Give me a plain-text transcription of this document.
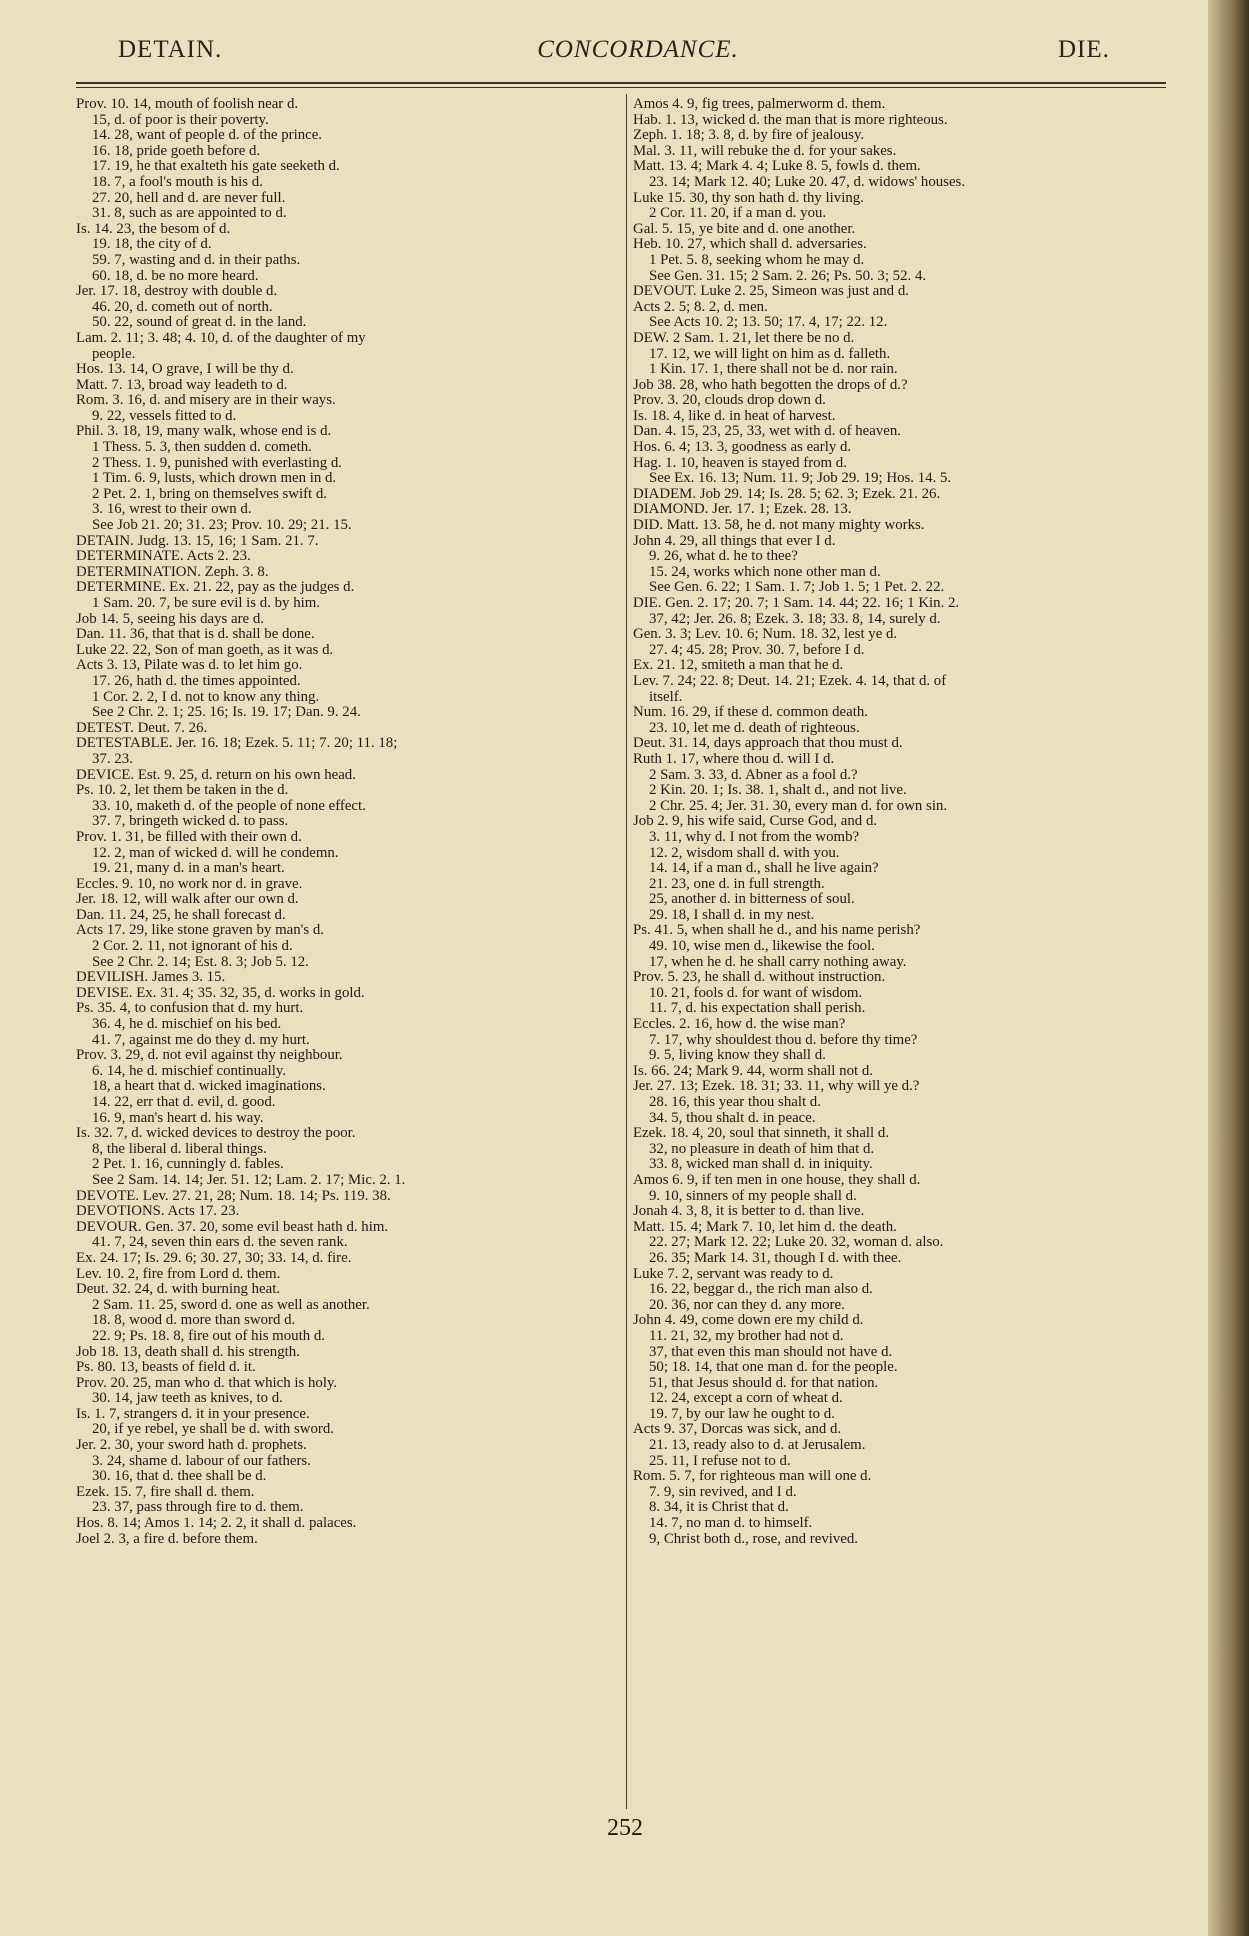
DETAIN.	CONCORDANCE.	DIE.
Prov. 10. 14, mouth of foolish near d.
15, d. of poor is their poverty.
14. 28, want of people d. of the prince.
16. 18, pride goeth before d.
17. 19, he that exalteth his gate seeketh d.
18. 7, a fool's mouth is his d.
27. 20, hell and d. are never full.
31. 8, such as are appointed to d.
Is. 14. 23, the besom of d.
19. 18, the city of d.
59. 7, wasting and d. in their paths.
60. 18, d. be no more heard.
Jer. 17. 18, destroy with double d.
46. 20, d. cometh out of north.
50. 22, sound of great d. in the land.
Lam. 2. 11; 3. 48; 4. 10, d. of the daughter of my
people.
Hos. 13. 14, O grave, I will be thy d.
Matt. 7. 13, broad way leadeth to d.
Rom. 3. 16, d. and misery are in their ways.
9. 22, vessels fitted to d.
Phil. 3. 18, 19, many walk, whose end is d.
1 Thess. 5. 3, then sudden d. cometh.
2 Thess. 1. 9, punished with everlasting d.
1 Tim. 6. 9, lusts, which drown men in d.
2 Pet. 2. 1, bring on themselves swift d.
3. 16, wrest to their own d.
See Job 21. 20; 31. 23; Prov. 10. 29; 21. 15.
DETAIN. Judg. 13. 15, 16; 1 Sam. 21. 7.
DETERMINATE. Acts 2. 23.
DETERMINATION. Zeph. 3. 8.
DETERMINE. Ex. 21. 22, pay as the judges d.
1 Sam. 20. 7, be sure evil is d. by him.
Job 14. 5, seeing his days are d.
Dan. 11. 36, that that is d. shall be done.
Luke 22. 22, Son of man goeth, as it was d.
Acts 3. 13, Pilate was d. to let him go.
17. 26, hath d. the times appointed.
1 Cor. 2. 2, I d. not to know any thing.
See 2 Chr. 2. 1; 25. 16; Is. 19. 17; Dan. 9. 24.
DETEST. Deut. 7. 26.
DETESTABLE. Jer. 16. 18; Ezek. 5. 11; 7. 20; 11. 18;
37. 23.
DEVICE. Est. 9. 25, d. return on his own head.
Ps. 10. 2, let them be taken in the d.
33. 10, maketh d. of the people of none effect.
37. 7, bringeth wicked d. to pass.
Prov. 1. 31, be filled with their own d.
12. 2, man of wicked d. will he condemn.
19. 21, many d. in a man's heart.
Eccles. 9. 10, no work nor d. in grave.
Jer. 18. 12, will walk after our own d.
Dan. 11. 24, 25, he shall forecast d.
Acts 17. 29, like stone graven by man's d.
2 Cor. 2. 11, not ignorant of his d.
See 2 Chr. 2. 14; Est. 8. 3; Job 5. 12.
DEVILISH. James 3. 15.
DEVISE. Ex. 31. 4; 35. 32, 35, d. works in gold.
Ps. 35. 4, to confusion that d. my hurt.
36. 4, he d. mischief on his bed.
41. 7, against me do they d. my hurt.
Prov. 3. 29, d. not evil against thy neighbour.
6. 14, he d. mischief continually.
18, a heart that d. wicked imaginations.
14. 22, err that d. evil, d. good.
16. 9, man's heart d. his way.
Is. 32. 7, d. wicked devices to destroy the poor.
8, the liberal d. liberal things.
2 Pet. 1. 16, cunningly d. fables.
See 2 Sam. 14. 14; Jer. 51. 12; Lam. 2. 17; Mic. 2. 1.
DEVOTE. Lev. 27. 21, 28; Num. 18. 14; Ps. 119. 38.
DEVOTIONS. Acts 17. 23.
DEVOUR. Gen. 37. 20, some evil beast hath d. him.
41. 7, 24, seven thin ears d. the seven rank.
Ex. 24. 17; Is. 29. 6; 30. 27, 30; 33. 14, d. fire.
Lev. 10. 2, fire from Lord d. them.
Deut. 32. 24, d. with burning heat.
2 Sam. 11. 25, sword d. one as well as another.
18. 8, wood d. more than sword d.
22. 9; Ps. 18. 8, fire out of his mouth d.
Job 18. 13, death shall d. his strength.
Ps. 80. 13, beasts of field d. it.
Prov. 20. 25, man who d. that which is holy.
30. 14, jaw teeth as knives, to d.
Is. 1. 7, strangers d. it in your presence.
20, if ye rebel, ye shall be d. with sword.
Jer. 2. 30, your sword hath d. prophets.
3. 24, shame d. labour of our fathers.
30. 16, that d. thee shall be d.
Ezek. 15. 7, fire shall d. them.
23. 37, pass through fire to d. them.
Hos. 8. 14; Amos 1. 14; 2. 2, it shall d. palaces.
Joel 2. 3, a fire d. before them.
Amos 4. 9, fig trees, palmerworm d. them.
Hab. 1. 13, wicked d. the man that is more righteous.
Zeph. 1. 18; 3. 8, d. by fire of jealousy.
Mal. 3. 11, will rebuke the d. for your sakes.
Matt. 13. 4; Mark 4. 4; Luke 8. 5, fowls d. them.
23. 14; Mark 12. 40; Luke 20. 47, d. widows' houses.
Luke 15. 30, thy son hath d. thy living.
2 Cor. 11. 20, if a man d. you.
Gal. 5. 15, ye bite and d. one another.
Heb. 10. 27, which shall d. adversaries.
1 Pet. 5. 8, seeking whom he may d.
See Gen. 31. 15; 2 Sam. 2. 26; Ps. 50. 3; 52. 4.
DEVOUT. Luke 2. 25, Simeon was just and d.
Acts 2. 5; 8. 2, d. men.
See Acts 10. 2; 13. 50; 17. 4, 17; 22. 12.
DEW. 2 Sam. 1. 21, let there be no d.
17. 12, we will light on him as d. falleth.
1 Kin. 17. 1, there shall not be d. nor rain.
Job 38. 28, who hath begotten the drops of d.?
Prov. 3. 20, clouds drop down d.
Is. 18. 4, like d. in heat of harvest.
Dan. 4. 15, 23, 25, 33, wet with d. of heaven.
Hos. 6. 4; 13. 3, goodness as early d.
Hag. 1. 10, heaven is stayed from d.
See Ex. 16. 13; Num. 11. 9; Job 29. 19; Hos. 14. 5.
DIADEM. Job 29. 14; Is. 28. 5; 62. 3; Ezek. 21. 26.
DIAMOND. Jer. 17. 1; Ezek. 28. 13.
DID. Matt. 13. 58, he d. not many mighty works.
John 4. 29, all things that ever I d.
9. 26, what d. he to thee?
15. 24, works which none other man d.
See Gen. 6. 22; 1 Sam. 1. 7; Job 1. 5; 1 Pet. 2. 22.
DIE. Gen. 2. 17; 20. 7; 1 Sam. 14. 44; 22. 16; 1 Kin. 2.
37, 42; Jer. 26. 8; Ezek. 3. 18; 33. 8, 14, surely d.
Gen. 3. 3; Lev. 10. 6; Num. 18. 32, lest ye d.
27. 4; 45. 28; Prov. 30. 7, before I d.
Ex. 21. 12, smiteth a man that he d.
Lev. 7. 24; 22. 8; Deut. 14. 21; Ezek. 4. 14, that d. of
itself.
Num. 16. 29, if these d. common death.
23. 10, let me d. death of righteous.
Deut. 31. 14, days approach that thou must d.
Ruth 1. 17, where thou d. will I d.
2 Sam. 3. 33, d. Abner as a fool d.?
2 Kin. 20. 1; Is. 38. 1, shalt d., and not live.
2 Chr. 25. 4; Jer. 31. 30, every man d. for own sin.
Job 2. 9, his wife said, Curse God, and d.
3. 11, why d. I not from the womb?
12. 2, wisdom shall d. with you.
14. 14, if a man d., shall he live again?
21. 23, one d. in full strength.
25, another d. in bitterness of soul.
29. 18, I shall d. in my nest.
Ps. 41. 5, when shall he d., and his name perish?
49. 10, wise men d., likewise the fool.
17, when he d. he shall carry nothing away.
Prov. 5. 23, he shall d. without instruction.
10. 21, fools d. for want of wisdom.
11. 7, d. his expectation shall perish.
Eccles. 2. 16, how d. the wise man?
7. 17, why shouldest thou d. before thy time?
9. 5, living know they shall d.
Is. 66. 24; Mark 9. 44, worm shall not d.
Jer. 27. 13; Ezek. 18. 31; 33. 11, why will ye d.?
28. 16, this year thou shalt d.
34. 5, thou shalt d. in peace.
Ezek. 18. 4, 20, soul that sinneth, it shall d.
32, no pleasure in death of him that d.
33. 8, wicked man shall d. in iniquity.
Amos 6. 9, if ten men in one house, they shall d.
9. 10, sinners of my people shall d.
Jonah 4. 3, 8, it is better to d. than live.
Matt. 15. 4; Mark 7. 10, let him d. the death.
22. 27; Mark 12. 22; Luke 20. 32, woman d. also.
26. 35; Mark 14. 31, though I d. with thee.
Luke 7. 2, servant was ready to d.
16. 22, beggar d., the rich man also d.
20. 36, nor can they d. any more.
John 4. 49, come down ere my child d.
11. 21, 32, my brother had not d.
37, that even this man should not have d.
50; 18. 14, that one man d. for the people.
51, that Jesus should d. for that nation.
12. 24, except a corn of wheat d.
19. 7, by our law he ought to d.
Acts 9. 37, Dorcas was sick, and d.
21. 13, ready also to d. at Jerusalem.
25. 11, I refuse not to d.
Rom. 5. 7, for righteous man will one d.
7. 9, sin revived, and I d.
8. 34, it is Christ that d.
14. 7, no man d. to himself.
9, Christ both d., rose, and revived.
252
